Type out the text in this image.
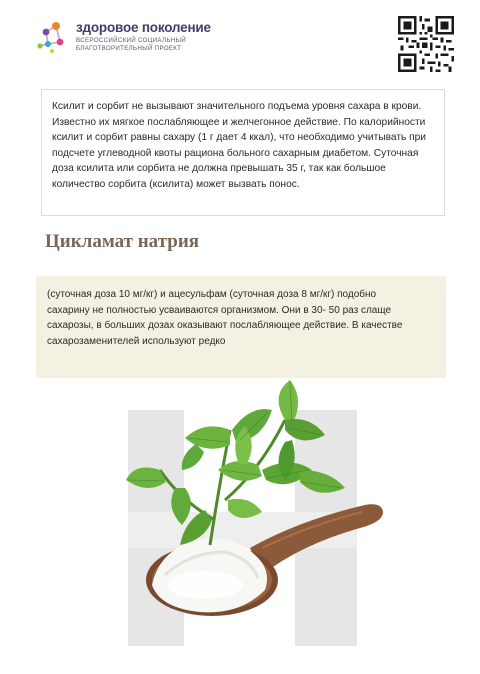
здоровое поколение
ВСЕРОССИЙСКИЙ СОЦИАЛЬНЫЙ
БЛАГОТВОРИТЕЛЬНЫЙ ПРОЕКТ

Ксилит и сорбит не вызывают значительного подъема уровня сахара в крови. Известно их мягкое послабляющее и желчегонное действие. По калорийности ксилит и сорбит равны сахару (1 г дает 4 ккал), что необходимо учитывать при подсчете углеводной квоты рациона больного сахарным диабетом. Суточная доза ксилита или сорбита не должна превышать 35 г, так как большое количество сорбита (ксилита) может вызвать понос.

Цикламат натрия

(суточная доза 10 мг/кг) и ацесульфам (суточная доза 8 мг/кг) подобно сахарину не полностью усваиваются организмом. Они в 30- 50 раз слаще сахарозы, в больших дозах оказывают послабляющее действие. В качестве сахарозаменителей используют редко
